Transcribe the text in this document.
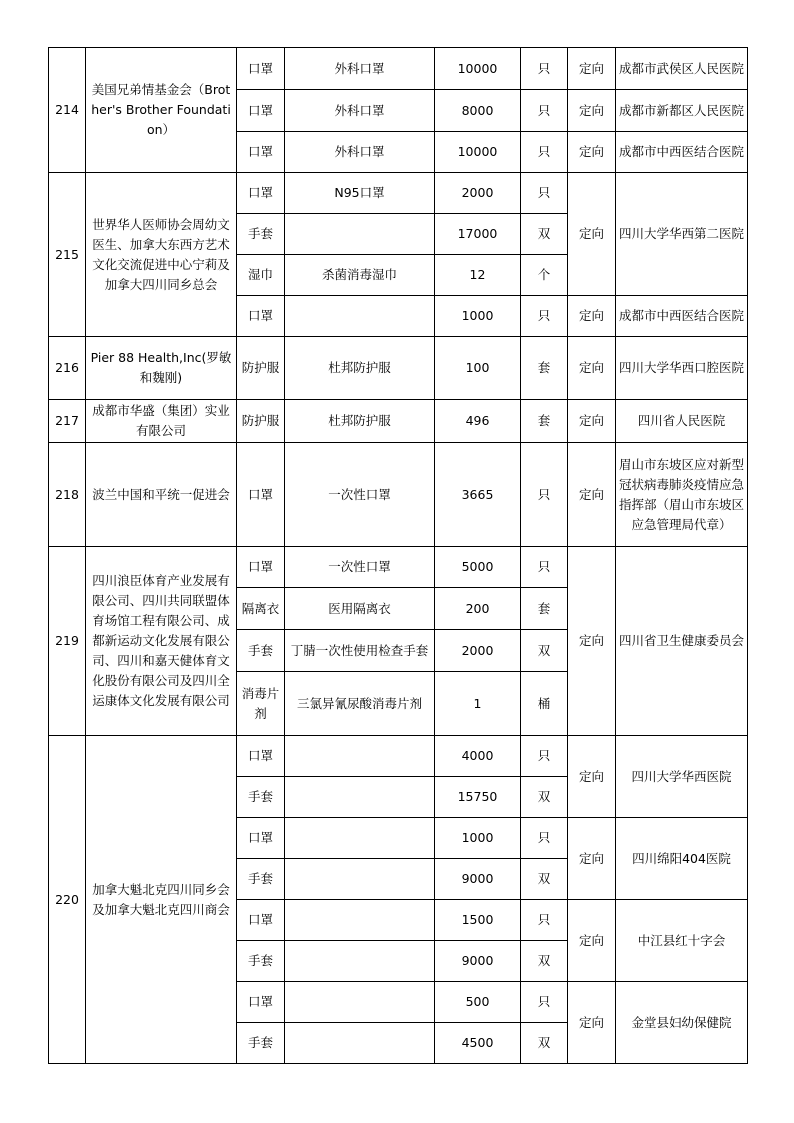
214	美国兄弟情基金会（Brother's Brother Foundation）	口罩	外科口罩	10000	只	定向	成都市武侯区人民医院
		口罩	外科口罩	8000	只	定向	成都市新都区人民医院
		口罩	外科口罩	10000	只	定向	成都市中西医结合医院
215	世界华人医师协会周幼文医生、加拿大东西方艺术文化交流促进中心宁莉及加拿大四川同乡总会	口罩	N95口罩	2000	只	定向	四川大学华西第二医院
		手套		17000	双		
		湿巾	杀菌消毒湿巾	12	个		
		口罩		1000	只	定向	成都市中西医结合医院
216	Pier 88 Health,Inc(罗敏和魏刚)	防护服	杜邦防护服	100	套	定向	四川大学华西口腔医院
217	成都市华盛（集团）实业有限公司	防护服	杜邦防护服	496	套	定向	四川省人民医院
218	波兰中国和平统一促进会	口罩	一次性口罩	3665	只	定向	眉山市东坡区应对新型冠状病毒肺炎疫情应急指挥部（眉山市东坡区应急管理局代章）
219	四川浪臣体育产业发展有限公司、四川共同联盟体育场馆工程有限公司、成都新运动文化发展有限公司、四川和嘉天健体育文化股份有限公司及四川全运康体文化发展有限公司	口罩	一次性口罩	5000	只	定向	四川省卫生健康委员会
		隔离衣	医用隔离衣	200	套		
		手套	丁腈一次性使用检查手套	2000	双		
		消毒片剂	三氯异氰尿酸消毒片剂	1	桶		
220	加拿大魁北克四川同乡会及加拿大魁北克四川商会	口罩		4000	只	定向	四川大学华西医院
		手套		15750	双		
		口罩		1000	只	定向	四川绵阳404医院
		手套		9000	双		
		口罩		1500	只	定向	中江县红十字会
		手套		9000	双		
		口罩		500	只	定向	金堂县妇幼保健院
		手套		4500	双		
